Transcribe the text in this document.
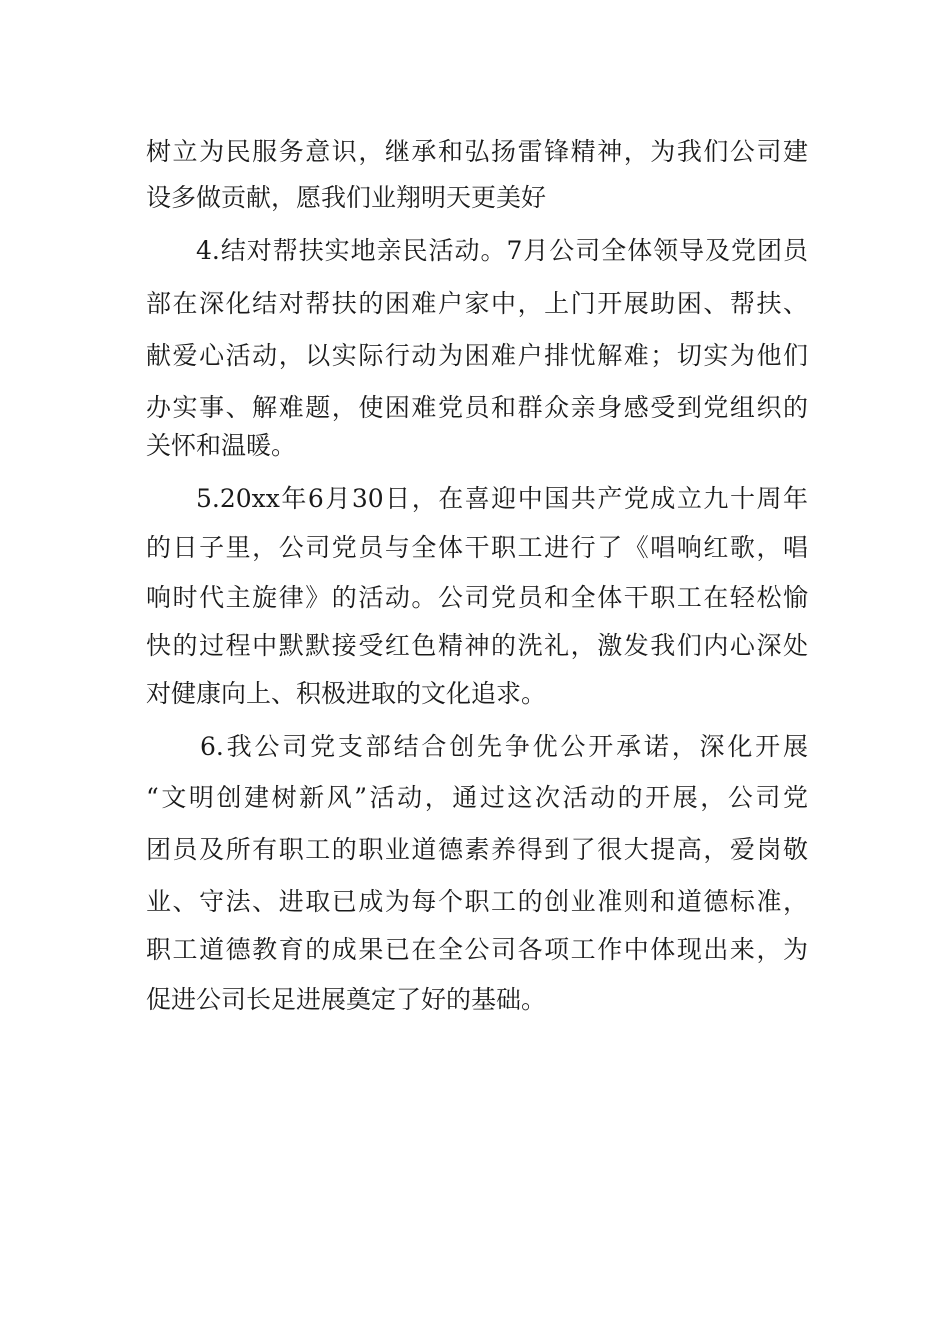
树立为民服务意识，继承和弘扬雷锋精神，为我们公司建
设多做贡献，愿我们业翔明天更美好
4.结对帮扶实地亲民活动。7月公司全体领导及党团员
部在深化结对帮扶的困难户家中，上门开展助困、帮扶、
献爱心活动，以实际行动为困难户排忧解难；切实为他们
办实事、解难题，使困难党员和群众亲身感受到党组织的
关怀和温暖。
5.20xx年6月30日，在喜迎中国共产党成立九十周年
的日子里，公司党员与全体干职工进行了《唱响红歌，唱
响时代主旋律》的活动。公司党员和全体干职工在轻松愉
快的过程中默默接受红色精神的洗礼，激发我们内心深处
对健康向上、积极进取的文化追求。
6.我公司党支部结合创先争优公开承诺，深化开展
“文明创建树新风”活动，通过这次活动的开展，公司党
团员及所有职工的职业道德素养得到了很大提高，爱岗敬
业、守法、进取已成为每个职工的创业准则和道德标准，
职工道德教育的成果已在全公司各项工作中体现出来，为
促进公司长足进展奠定了好的基础。
